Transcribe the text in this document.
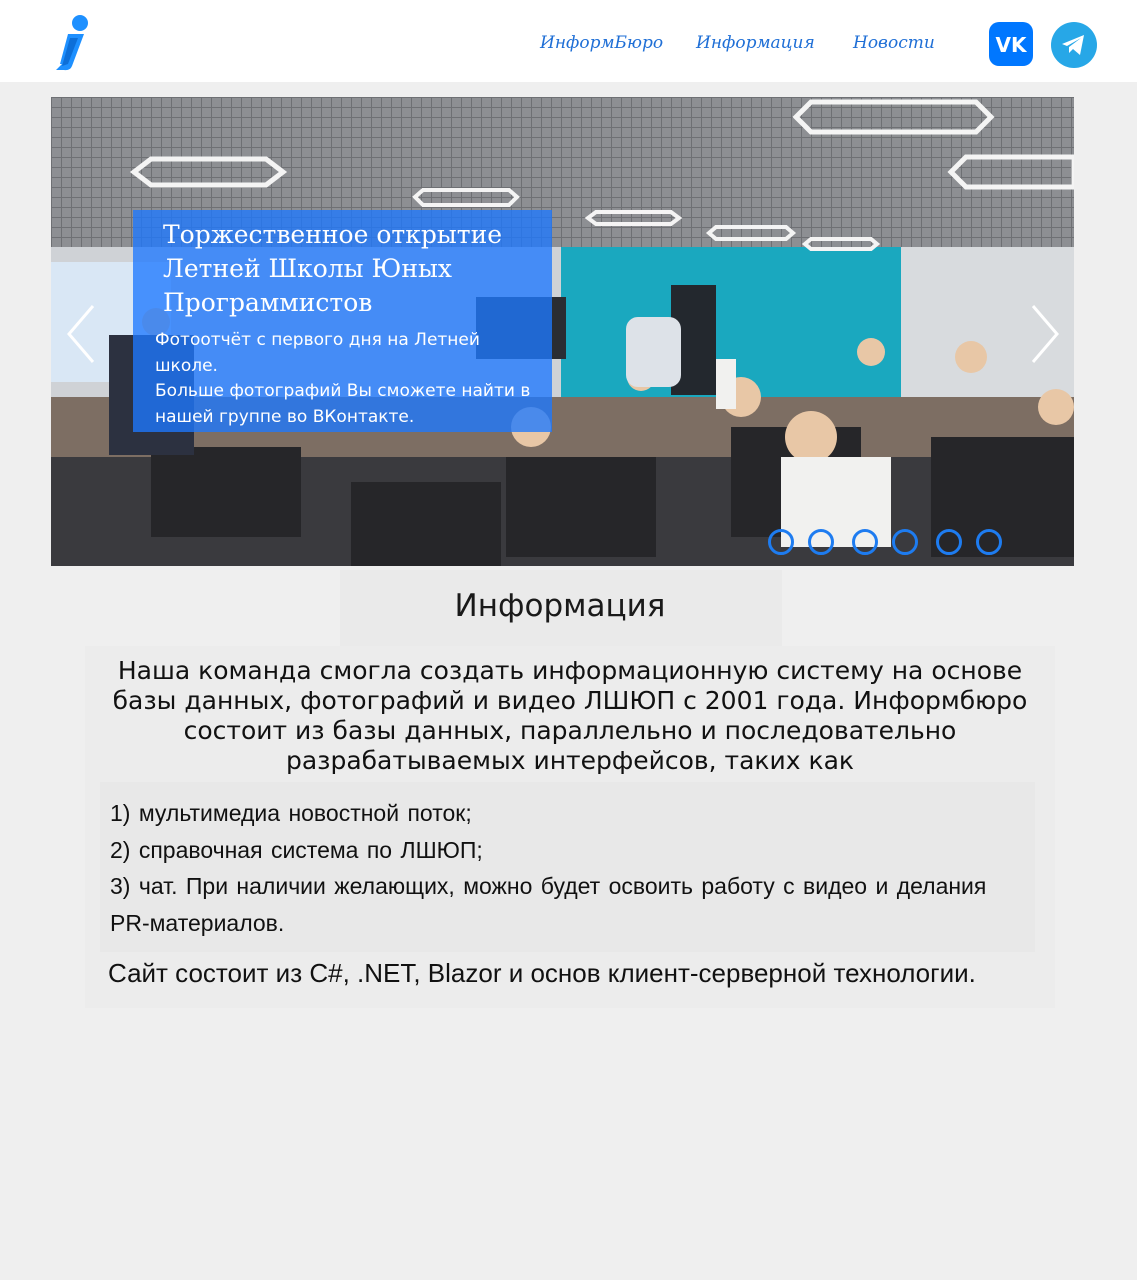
ИнформБюро Информация Новости	VK
Торжественное открытие Летней Школы Юных Программистов

Фотоотчёт с первого дня на Летней школе.
Больше фотографий Вы сможете найти в нашей группе во ВКонтакте.

Информация

Наша команда смогла создать информационную систему на основе базы данных, фотографий и видео ЛШЮП с 2001 года. Информбюро состоит из базы данных, параллельно и последовательно разрабатываемых интерфейсов, таких как

1) мультимедиа новостной поток;
2) справочная система по ЛШЮП;
3) чат. При наличии желающих, можно будет освоить работу с видео и делания PR-материалов.

Сайт состоит из C#, .NET, Blazor и основ клиент-серверной технологии.
